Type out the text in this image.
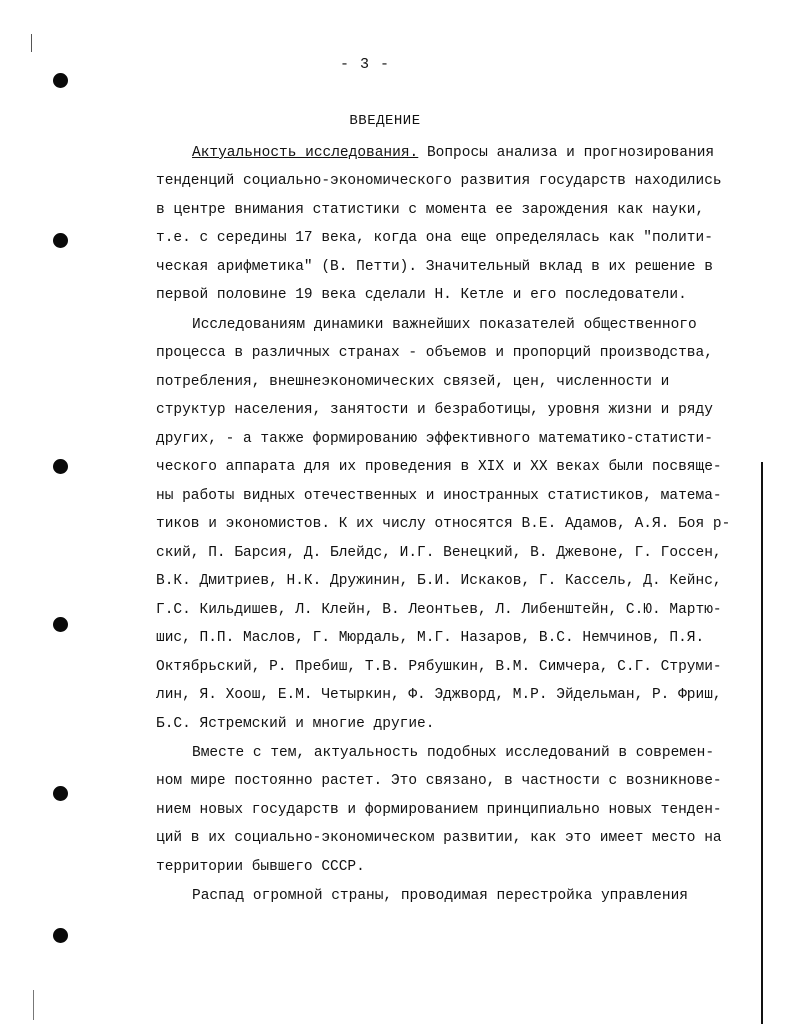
- 3 -
ВВЕДЕНИЕ
Актуальность исследования. Вопросы анализа и прогнозирования
тенденций социально-экономического развития государств находились
в центре внимания статистики с момента ее зарождения как науки,
т.е. с середины 17 века, когда она еще определялась как "полити-
ческая арифметика" (В. Петти). Значительный вклад в их решение в
первой половине 19 века сделали Н. Кетле и его последователи.
Исследованиям динамики важнейших показателей общественного
процесса в различных странах - объемов и пропорций производства,
потребления, внешнеэкономических связей, цен, численности и
структур населения, занятости и безработицы, уровня жизни и ряду
других, - а также формированию эффективного математико-статисти-
ческого аппарата для их проведения в XIX и XX веках были посвяще-
ны работы видных отечественных и иностранных статистиков, матема-
тиков и экономистов. К их числу относятся В.Е. Адамов, А.Я. Боя р-
ский, П. Барсия, Д. Блейдс, И.Г. Венецкий, В. Джевоне, Г. Госсен,
В.К. Дмитриев, Н.К. Дружинин, Б.И. Искаков, Г. Кассель, Д. Кейнс,
Г.С. Кильдишев, Л. Клейн, В. Леонтьев, Л. Либенштейн, С.Ю. Мартю-
шис, П.П. Маслов, Г. Мюрдаль, М.Г. Назаров, В.С. Немчинов, П.Я.
Октябрьский, Р. Пребиш, Т.В. Рябушкин, В.М. Симчера, С.Г. Струми-
лин, Я. Хоош, Е.М. Четыркин, Ф. Эджворд, М.Р. Эйдельман, Р. Фриш,
Б.С. Ястремский и многие другие.
Вместе с тем, актуальность подобных исследований в современ-
ном мире постоянно растет. Это связано, в частности с возникнове-
нием новых государств и формированием принципиально новых тенден-
ций в их социально-экономическом развитии, как это имеет место на
территории бывшего СССР.
Распад огромной страны, проводимая перестройка управления
